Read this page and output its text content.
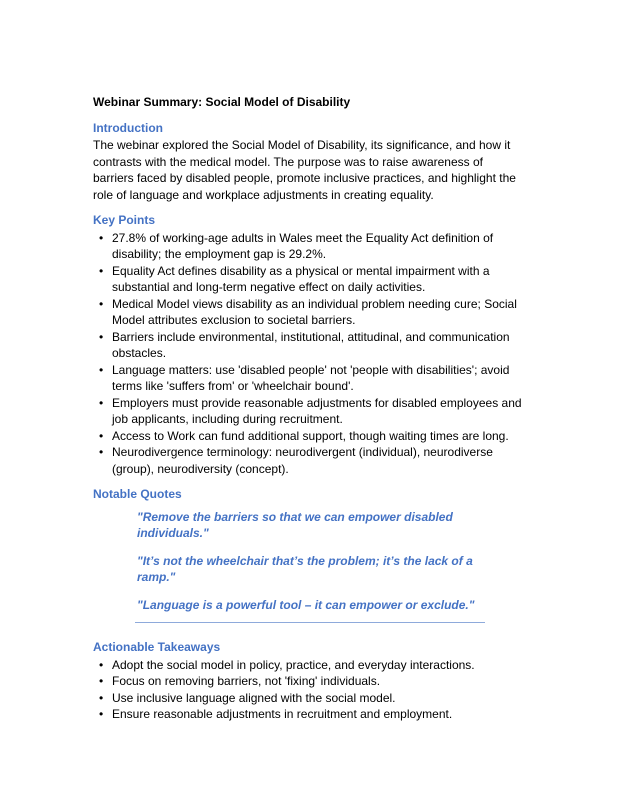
Webinar Summary: Social Model of Disability
Introduction

The webinar explored the Social Model of Disability, its significance, and how it contrasts with the medical model. The purpose was to raise awareness of barriers faced by disabled people, promote inclusive practices, and highlight the role of language and workplace adjustments in creating equality.

Key Points
• 27.8% of working-age adults in Wales meet the Equality Act definition of disability; the employment gap is 29.2%.
• Equality Act defines disability as a physical or mental impairment with a substantial and long-term negative effect on daily activities.
• Medical Model views disability as an individual problem needing cure; Social Model attributes exclusion to societal barriers.
• Barriers include environmental, institutional, attitudinal, and communication obstacles.
• Language matters: use 'disabled people' not 'people with disabilities'; avoid terms like 'suffers from' or 'wheelchair bound'.
• Employers must provide reasonable adjustments for disabled employees and job applicants, including during recruitment.
• Access to Work can fund additional support, though waiting times are long.
• Neurodivergence terminology: neurodivergent (individual), neurodiverse (group), neurodiversity (concept).
Notable Quotes

"Remove the barriers so that we can empower disabled individuals."

"It’s not the wheelchair that’s the problem; it’s the lack of a ramp."

"Language is a powerful tool – it can empower or exclude."

Actionable Takeaways
• Adopt the social model in policy, practice, and everyday interactions.
• Focus on removing barriers, not 'fixing' individuals.
• Use inclusive language aligned with the social model.
• Ensure reasonable adjustments in recruitment and employment.
